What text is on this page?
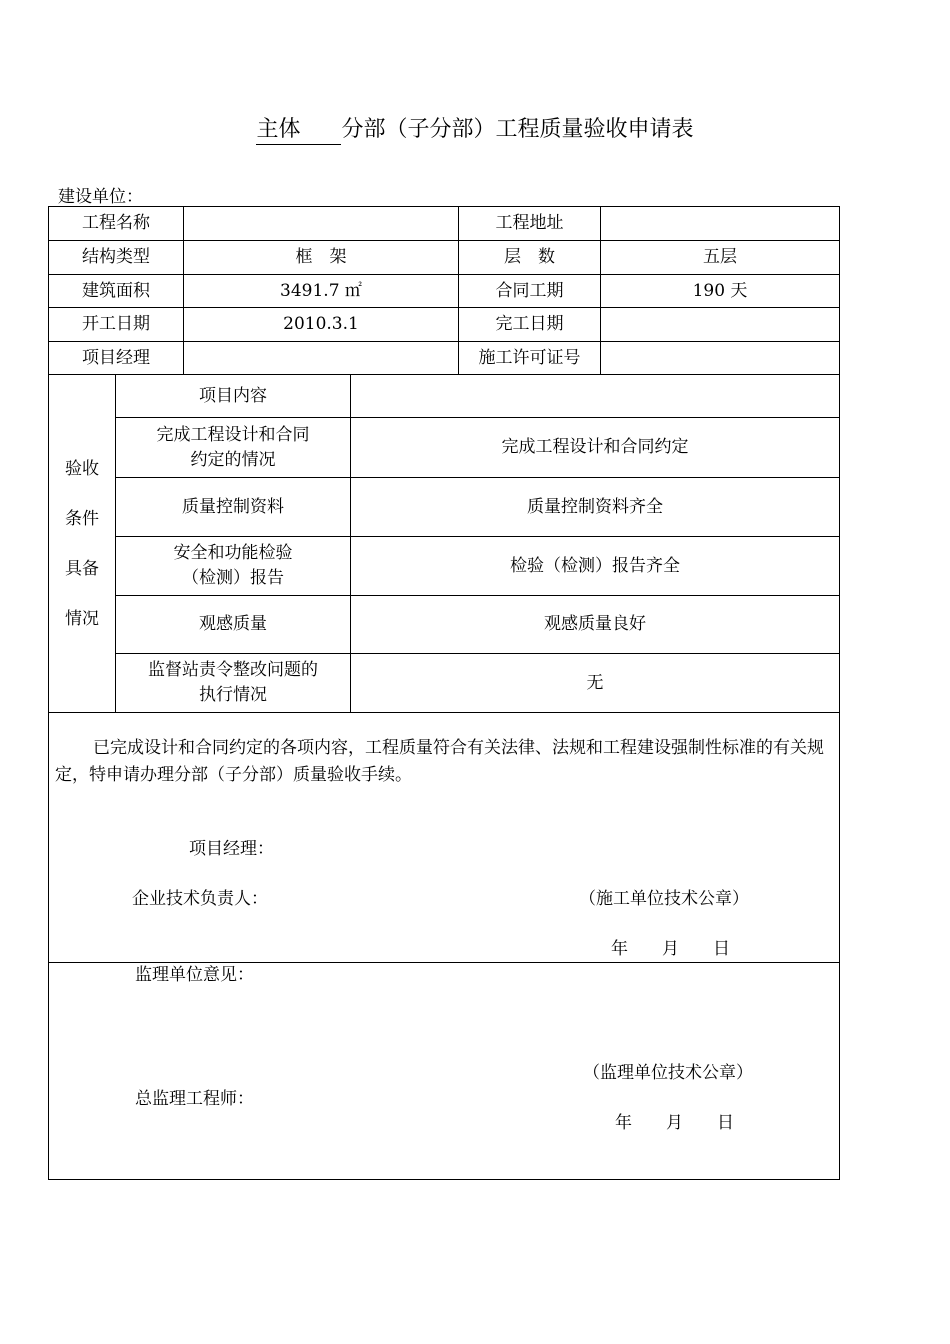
主体 分部（子分部）工程质量验收申请表
建设单位：
工程名称				工程地址	
结构类型		框　架		层　数	五层
建筑面积		3491.7 ㎡		合同工期	190 天
开工日期		2010.3.1		完工日期	
项目经理				施工许可证号	

验收
条件
具备
情况	项目内容				

	完成工程设计和合同
约定的情况		完成工程设计和合同约定		
	质量控制资料		质量控制资料齐全		

	安全和功能检验
（检测）报告		检验（检测）报告齐全		
	观感质量		观感质量良好		

	监督站责令整改问题的
执行情况		无		

已完成设计和合同约定的各项内容，工程质量符合有关法律、法规和工程建设强制性标准的有关规定，特申请办理分部（子分部）质量验收手续。
项目经理：
企业技术负责人： （施工单位技术公章）
年　　月　　日					

监理单位意见：
（监理单位技术公章）
总监理工程师：
年　　月　　日					
